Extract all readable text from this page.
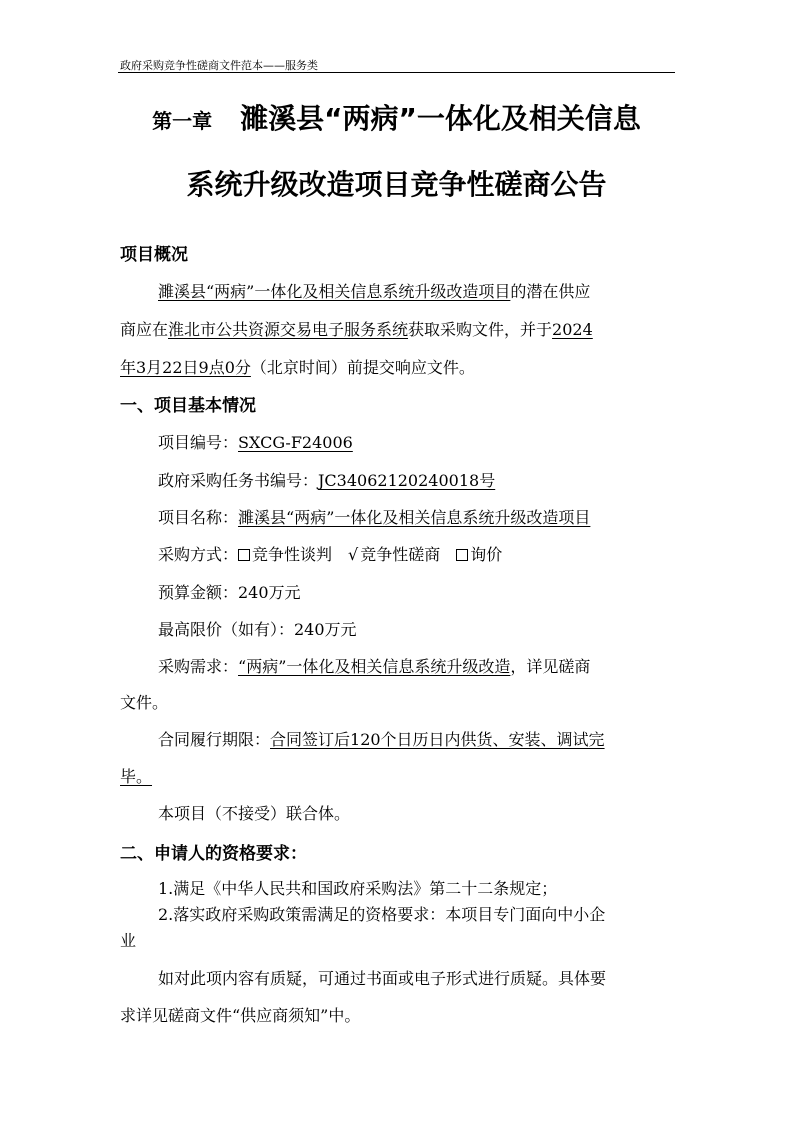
政府采购竞争性磋商文件范本——服务类
第一章　 濉溪县“两病”一体化及相关信息
系统升级改造项目竞争性磋商公告
项目概况
濉溪县“两病”一体化及相关信息系统升级改造项目的潜在供应
商应在淮北市公共资源交易电子服务系统获取采购文件，并于2024
年3月22日9点0分（北京时间）前提交响应文件。
一、项目基本情况
项目编号：SXCG-F24006
政府采购任务书编号：JC34062120240018号
项目名称：濉溪县“两病”一体化及相关信息系统升级改造项目
采购方式： 竞争性谈判　 √ 竞争性磋商　 询价
预算金额：240万元
最高限价（如有）：240万元
采购需求：“两病”一体化及相关信息系统升级改造，详见磋商
文件。
合同履行期限：合同签订后120个日历日内供货、安装、调试完
毕。
本项目（不接受）联合体。
二、申请人的资格要求：
1.满足《中华人民共和国政府采购法》第二十二条规定；
2.落实政府采购政策需满足的资格要求：本项目专门面向中小企
业
如对此项内容有质疑，可通过书面或电子形式进行质疑。具体要
求详见磋商文件“供应商须知”中。
